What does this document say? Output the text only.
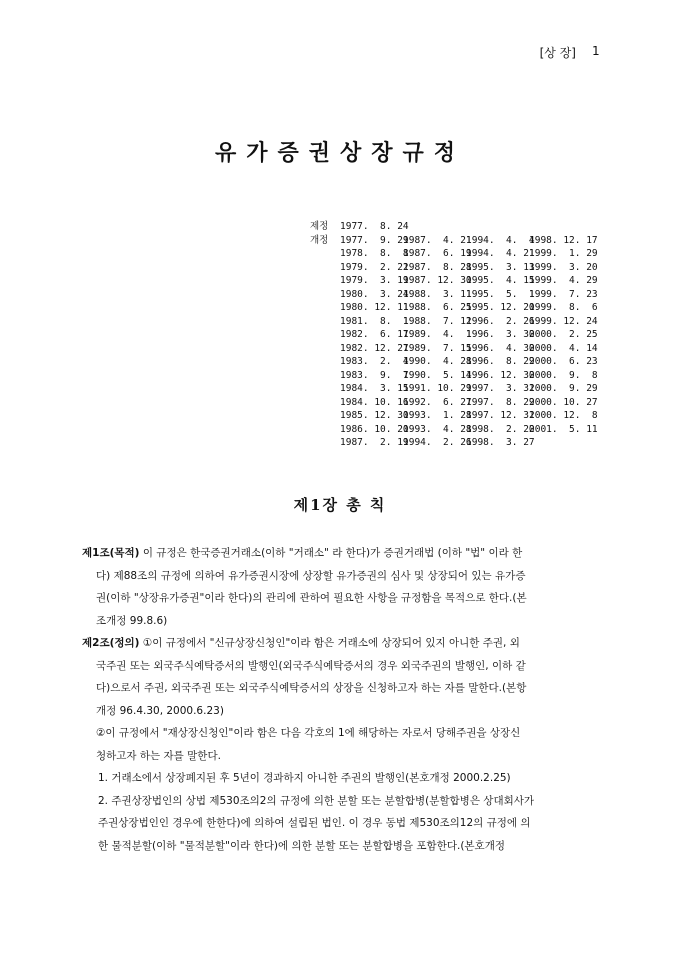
[상 장] 1
유가증권상장규정
제정 1977.  8. 24
개정 1977.  9. 291987.  4. 211994.  4.  41998. 12. 17
1978.  8.  81987.  6. 191994.  4. 211999.  1. 29
1979.  2. 221987.  8. 281995.  3. 131999.  3. 20
1979.  3. 191987. 12. 301995.  4. 151999.  4. 29
1980.  3. 241988.  3. 111995.  5.  11999.  7. 23
1980. 12. 111988.  6. 251995. 12. 201999.  8.  6
1981.  8.  11988.  7. 121996.  2. 261999. 12. 24
1982.  6. 171989.  4.  11996.  3. 302000.  2. 25
1982. 12. 271989.  7. 151996.  4. 302000.  4. 14
1983.  2.  41990.  4. 281996.  8. 292000.  6. 23
1983.  9.  71990.  5. 141996. 12. 302000.  9.  8
1984.  3. 151991. 10. 291997.  3. 312000.  9. 29
1984. 10. 161992.  6. 271997.  8. 292000. 10. 27
1985. 12. 301993.  1. 281997. 12. 312000. 12.  8
1986. 10. 201993.  4. 281998.  2. 202001.  5. 11
1987.  2. 191994.  2. 261998.  3. 27
제1장 총 칙
제1조(목적) 이 규정은 한국증권거래소(이하 "거래소" 라 한다)가 증권거래법 (이하 "법" 이라 한
다) 제88조의 규정에 의하여 유가증권시장에 상장할 유가증권의 심사 및 상장되어 있는 유가증
권(이하 "상장유가증권"이라 한다)의 관리에 관하여 필요한 사항을 규정함을 목적으로 한다.(본
조개정 99.8.6)
제2조(정의) ①이 규정에서 "신규상장신청인"이라 함은 거래소에 상장되어 있지 아니한 주권, 외
국주권 또는 외국주식예탁증서의 발행인(외국주식예탁증서의 경우 외국주권의 발행인, 이하 같
다)으로서 주권, 외국주권 또는 외국주식예탁증서의 상장을 신청하고자 하는 자를 말한다.(본항
개정 96.4.30, 2000.6.23)
②이 규정에서 "재상장신청인"이라 함은 다음 각호의 1에 해당하는 자로서 당해주권을 상장신
청하고자 하는 자를 말한다.
1. 거래소에서 상장폐지된 후 5년이 경과하지 아니한 주권의 발행인(본호개정 2000.2.25)
2. 주권상장법인의 상법 제530조의2의 규정에 의한 분할 또는 분할합병(분할합병은 상대회사가
주권상장법인인 경우에 한한다)에 의하여 설립된 법인. 이 경우 동법 제530조의12의 규정에 의
한 물적분할(이하 "물적분할"이라 한다)에 의한 분할 또는 분할합병을 포함한다.(본호개정
